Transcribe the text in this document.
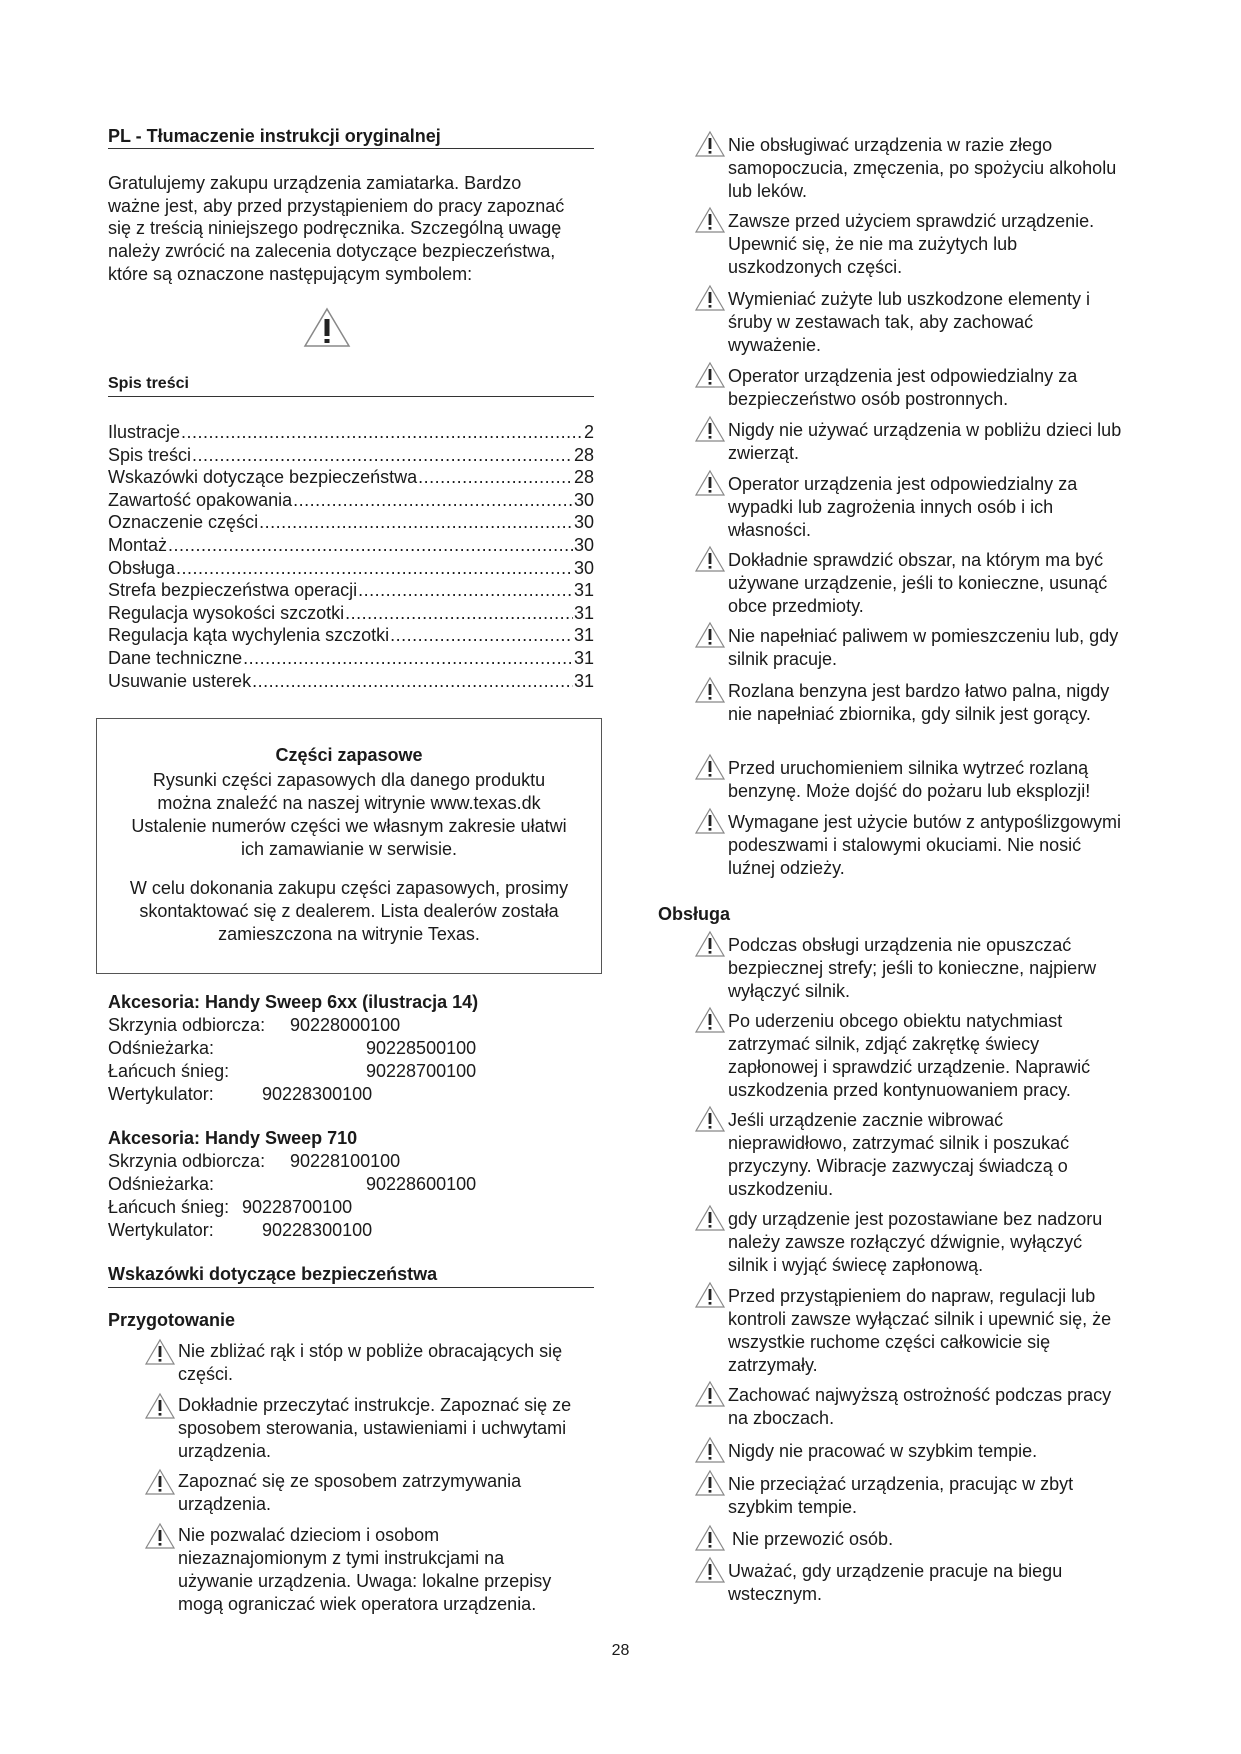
PL - Tłumaczenie instrukcji oryginalnej
Gratulujemy zakupu urządzenia zamiatarka. Bardzo ważne jest, aby przed przystąpieniem do pracy zapoznać się z treścią niniejszego podręcznika. Szczególną uwagę należy zwrócić na zalecenia dotyczące bezpieczeństwa, które są oznaczone następującym symbolem:
Spis treści
Ilustracje .....	2
Spis treści .....	28
Wskazówki dotyczące bezpieczeństwa .....	28
Zawartość opakowania .....	30
Oznaczenie części .....	30
Montaż .....	30
Obsługa .....	30
Strefa bezpieczeństwa operacji .....	31
Regulacja wysokości szczotki .....	31
Regulacja kąta wychylenia szczotki .....	31
Dane techniczne .....	31
Usuwanie usterek .....	31
Części zapasowe
Rysunki części zapasowych dla danego produktu
można znaleźć na naszej witrynie www.texas.dk
Ustalenie numerów części we własnym zakresie ułatwi
ich zamawianie w serwisie.
W celu dokonania zakupu części zapasowych, prosimy
skontaktować się z dealerem. Lista dealerów została
zamieszczona na witrynie Texas.
Akcesoria: Handy Sweep 6xx (ilustracja 14)
Skrzynia odbiorcza: 90228000100
Odśnieżarka:	90228500100
Łańcuch śnieg:	90228700100
Wertykulator:	90228300100
Akcesoria: Handy Sweep 710
Skrzynia odbiorcza: 90228100100
Odśnieżarka:	90228600100
Łańcuch śnieg: 90228700100
Wertykulator:	90228300100
Wskazówki dotyczące bezpieczeństwa
Przygotowanie
Nie zbliżać rąk i stóp w pobliże obracających się części.
Dokładnie przeczytać instrukcje. Zapoznać się ze sposobem sterowania, ustawieniami i uchwytami urządzenia.
Zapoznać się ze sposobem zatrzymywania urządzenia.
Nie pozwalać dzieciom i osobom niezaznajomionym z tymi instrukcjami na używanie urządzenia. Uwaga: lokalne przepisy mogą ograniczać wiek operatora urządzenia.
Nie obsługiwać urządzenia w razie złego samopoczucia, zmęczenia, po spożyciu alkoholu lub leków.
Zawsze przed użyciem sprawdzić urządzenie. Upewnić się, że nie ma zużytych lub uszkodzonych części.
Wymieniać zużyte lub uszkodzone elementy i śruby w zestawach tak, aby zachować wyważenie.
Operator urządzenia jest odpowiedzialny za bezpieczeństwo osób postronnych.
Nigdy nie używać urządzenia w pobliżu dzieci lub zwierząt.
Operator urządzenia jest odpowiedzialny za wypadki lub zagrożenia innych osób i ich własności.
Dokładnie sprawdzić obszar, na którym ma być używane urządzenie, jeśli to konieczne, usunąć obce przedmioty.
Nie napełniać paliwem w pomieszczeniu lub, gdy silnik pracuje.
Rozlana benzyna jest bardzo łatwo palna, nigdy nie napełniać zbiornika, gdy silnik jest gorący.
Przed uruchomieniem silnika wytrzeć rozlaną benzynę. Może dojść do pożaru lub eksplozji!
Wymagane jest użycie butów z antypoślizgowymi podeszwami i stalowymi okuciami. Nie nosić luźnej odzieży.
Obsługa
Podczas obsługi urządzenia nie opuszczać bezpiecznej strefy; jeśli to konieczne, najpierw wyłączyć silnik.
Po uderzeniu obcego obiektu natychmiast zatrzymać silnik, zdjąć zakrętkę świecy zapłonowej i sprawdzić urządzenie. Naprawić uszkodzenia przed kontynuowaniem pracy.
Jeśli urządzenie zacznie wibrować nieprawidłowo, zatrzymać silnik i poszukać przyczyny. Wibracje zazwyczaj świadczą o uszkodzeniu.
gdy urządzenie jest pozostawiane bez nadzoru należy zawsze rozłączyć dźwignie, wyłączyć silnik i wyjąć świecę zapłonową.
Przed przystąpieniem do napraw, regulacji lub kontroli zawsze wyłączać silnik i upewnić się, że wszystkie ruchome części całkowicie się zatrzymały.
Zachować najwyższą ostrożność podczas pracy na zboczach.
Nigdy nie pracować w szybkim tempie.
Nie przeciążać urządzenia, pracując w zbyt szybkim tempie.
Nie przewozić osób.
Uważać, gdy urządzenie pracuje na biegu wstecznym.
28
